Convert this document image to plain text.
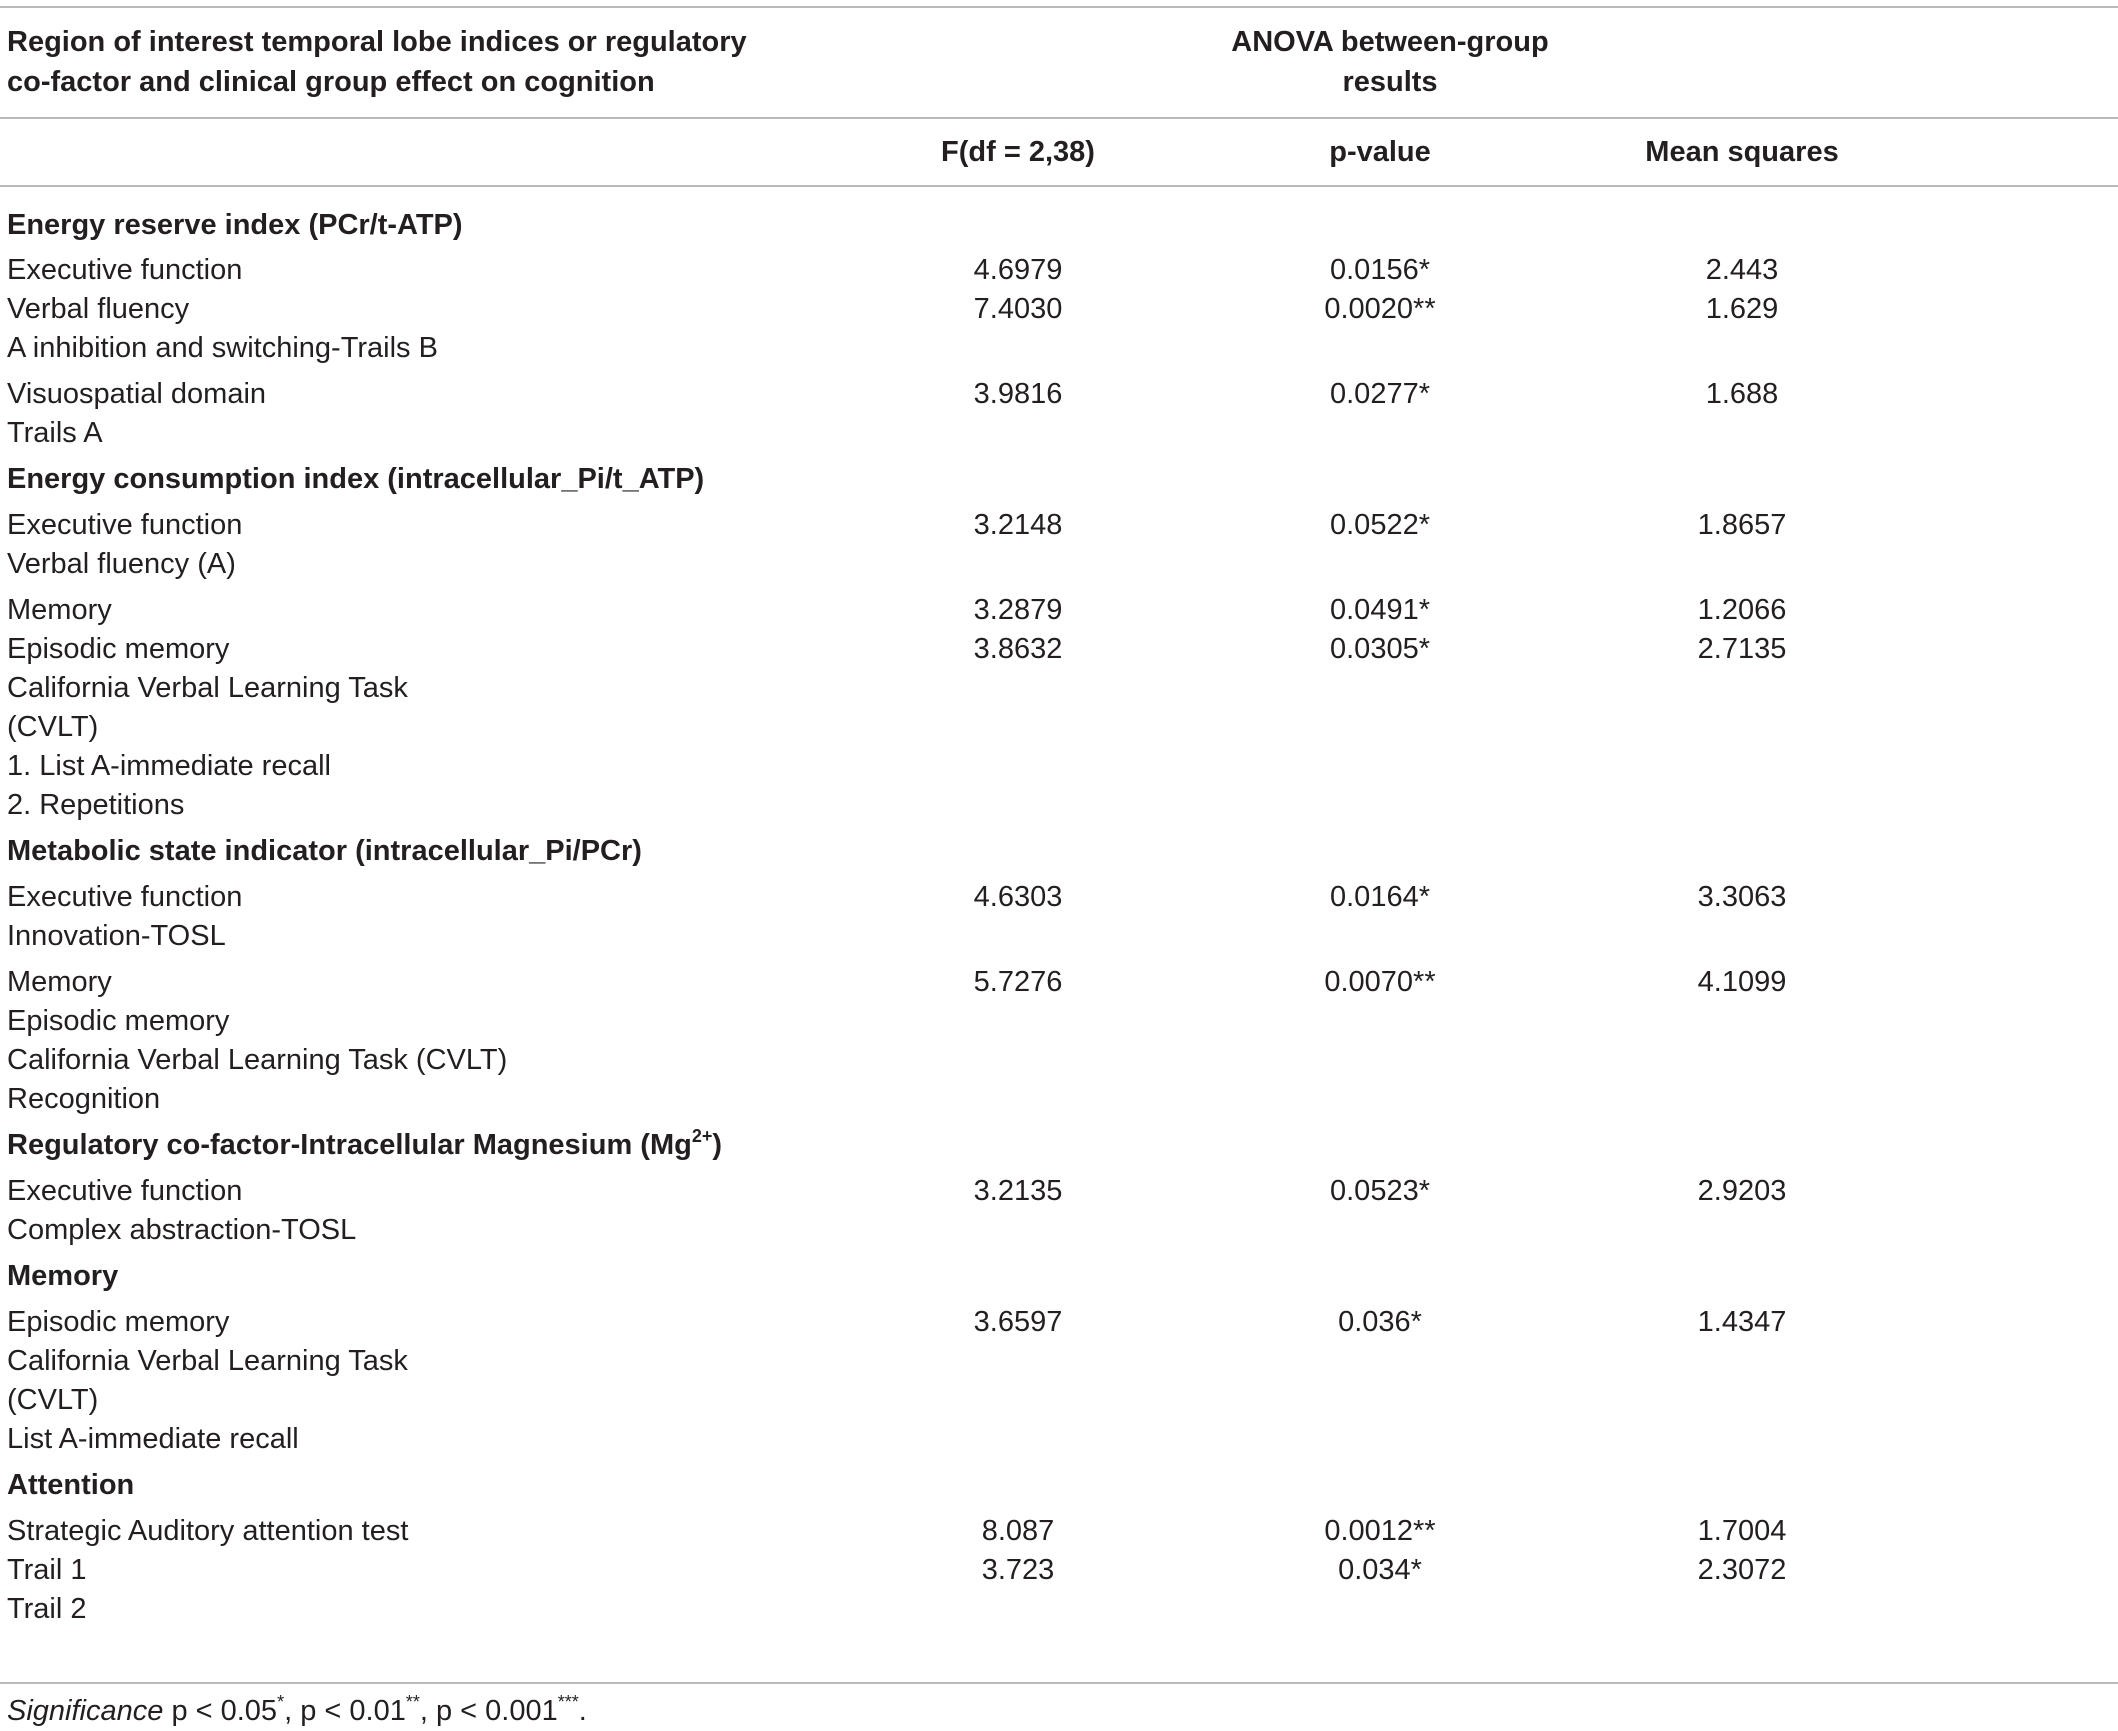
Region of interest temporal lobe indices or regulatory
co-factor and clinical group effect on cognition
ANOVA between-group results
F(df = 2,38)	p-value	Mean squares
Energy reserve index (PCr/t-ATP)
Executive function	4.6979	0.0156*	2.443
Verbal fluency	7.4030	0.0020**	1.629
A inhibition and switching-Trails B
Visuospatial domain	3.9816	0.0277*	1.688
Trails A
Energy consumption index (intracellular_Pi/t_ATP)
Executive function	3.2148	0.0522*	1.8657
Verbal fluency (A)
Memory	3.2879	0.0491*	1.2066
Episodic memory	3.8632	0.0305*	2.7135
California Verbal Learning Task
(CVLT)
1. List A-immediate recall
2. Repetitions
Metabolic state indicator (intracellular_Pi/PCr)
Executive function	4.6303	0.0164*	3.3063
Innovation-TOSL
Memory	5.7276	0.0070**	4.1099
Episodic memory
California Verbal Learning Task (CVLT)
Recognition
Regulatory co-factor-Intracellular Magnesium $(Mg^{2+})$
Executive function	3.2135	0.0523*	2.9203
Complex abstraction-TOSL
Memory
Episodic memory	3.6597	0.036*	1.4347
California Verbal Learning Task
(CVLT)
List A-immediate recall
Attention
Strategic Auditory attention test	8.087	0.0012**	1.7004
Trail 1	3.723	0.034*	2.3072
Trail 2
Significance p < 0.05*, p < 0.01**, p < 0.001***.
